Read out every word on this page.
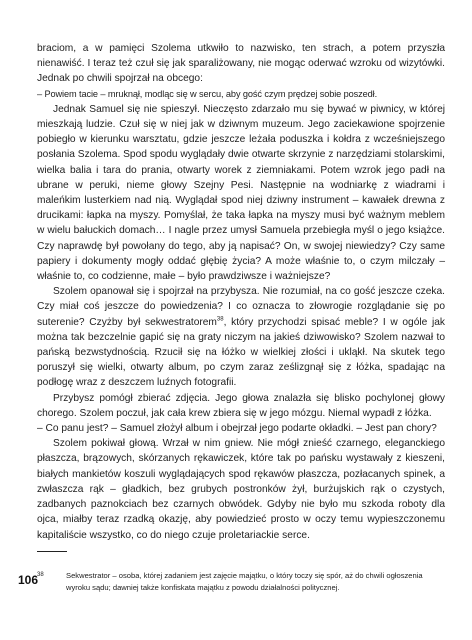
braciom, a w pamięci Szolema utkwiło to nazwisko, ten strach, a potem przyszła nienawiść. I teraz też czuł się jak sparaliżowany, nie mogąc oderwać wzroku od wizytówki. Jednak po chwili spojrzał na obcego:

– Powiem tacie – mruknął, modląc się w sercu, aby gość czym prędzej sobie poszedł.

Jednak Samuel się nie spieszył. Nieczęsto zdarzało mu się bywać w piwnicy, w której mieszkają ludzie. Czuł się w niej jak w dziwnym muzeum. Jego zaciekawione spojrzenie pobiegło w kierunku warsztatu, gdzie jeszcze leżała poduszka i kołdra z wcześniejszego posłania Szolema. Spod spodu wyglądały dwie otwarte skrzynie z narzędziami stolarskimi, wielka balia i tara do prania, otwarty worek z ziemniakami. Potem wzrok jego padł na ubrane w peruki, nieme głowy Szejny Pesi. Następnie na wodniarkę z wiadrami i maleńkim lusterkiem nad nią. Wyglądał spod niej dziwny instrument – kawałek drewna z drucikami: łapka na myszy. Pomyślał, że taka łapka na myszy musi być ważnym meblem w wielu bałuckich domach… I nagle przez umysł Samuela przebiegła myśl o jego książce. Czy naprawdę był powołany do tego, aby ją napisać? On, w swojej niewiedzy? Czy same papiery i dokumenty mogły oddać głębię życia? A może właśnie to, o czym milczały – właśnie to, co codzienne, małe – było prawdziwsze i ważniejsze?

Szolem opanował się i spojrzał na przybysza. Nie rozumiał, na co gość jeszcze czeka. Czy miał coś jeszcze do powiedzenia? I co oznacza to złowrogie rozglądanie się po suterenie? Czyżby był sekwestratorem$^{38}$, który przychodzi spisać meble? I w ogóle jak można tak bezczelnie gapić się na graty niczym na jakieś dziwowisko? Szolem nazwał to pańską bezwstydnością. Rzucił się na łóżko w wielkiej złości i ukląkł. Na skutek tego poruszył się wielki, otwarty album, po czym zaraz ześlizgnął się z łóżka, spadając na podłogę wraz z deszczem luźnych fotografii.

Przybysz pomógł zbierać zdjęcia. Jego głowa znalazła się blisko pochylonej głowy chorego. Szolem poczuł, jak cała krew zbiera się w jego mózgu. Niemal wypadł z łóżka.

– Co panu jest? – Samuel złożył album i obejrzał jego podarte okładki. – Jest pan chory?

Szolem pokiwał głową. Wrzał w nim gniew. Nie mógł znieść czarnego, eleganckiego płaszcza, brązowych, skórzanych rękawiczek, które tak po pańsku wystawały z kieszeni, białych mankietów koszuli wyglądających spod rękawów płaszcza, pozłacanych spinek, a zwłaszcza rąk – gładkich, bez grubych postronków żył, burżujskich rąk o czystych, zadbanych paznokciach bez czarnych obwódek. Gdyby nie było mu szkoda roboty dla ojca, miałby teraz rzadką okazję, aby powiedzieć prosto w oczy temu wypieszczonemu kapitaliście wszystko, co do niego czuje proletariackie serce.

106
38	Sekwestrator – osoba, której zadaniem jest zajęcie majątku, o który toczy się spór, aż do chwili ogłoszenia wyroku sądu; dawniej także konfiskata majątku z powodu działalności politycznej.
